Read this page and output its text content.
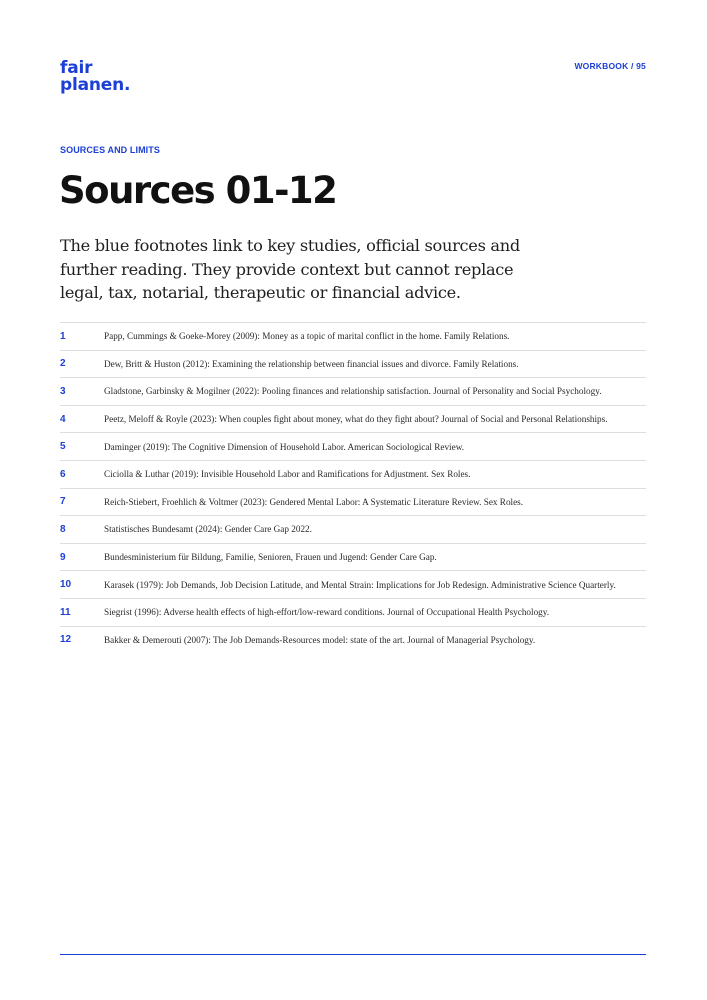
fair
planen.
WORKBOOK / 95
SOURCES AND LIMITS
Sources 01-12

The blue footnotes link to key studies, official sources and further reading. They provide context but cannot replace legal, tax, notarial, therapeutic or financial advice.

1	Papp, Cummings & Goeke-Morey (2009): Money as a topic of marital conflict in the home. Family Relations.
2	Dew, Britt & Huston (2012): Examining the relationship between financial issues and divorce. Family Relations.
3	Gladstone, Garbinsky & Mogilner (2022): Pooling finances and relationship satisfaction. Journal of Personality and Social Psychology.
4	Peetz, Meloff & Royle (2023): When couples fight about money, what do they fight about? Journal of Social and Personal Relationships.
5	Daminger (2019): The Cognitive Dimension of Household Labor. American Sociological Review.
6	Ciciolla & Luthar (2019): Invisible Household Labor and Ramifications for Adjustment. Sex Roles.
7	Reich-Stiebert, Froehlich & Voltmer (2023): Gendered Mental Labor: A Systematic Literature Review. Sex Roles.
8	Statistisches Bundesamt (2024): Gender Care Gap 2022.
9	Bundesministerium für Bildung, Familie, Senioren, Frauen und Jugend: Gender Care Gap.
10	Karasek (1979): Job Demands, Job Decision Latitude, and Mental Strain: Implications for Job Redesign. Administrative Science Quarterly.
11	Siegrist (1996): Adverse health effects of high-effort/low-reward conditions. Journal of Occupational Health Psychology.
12	Bakker & Demerouti (2007): The Job Demands-Resources model: state of the art. Journal of Managerial Psychology.
